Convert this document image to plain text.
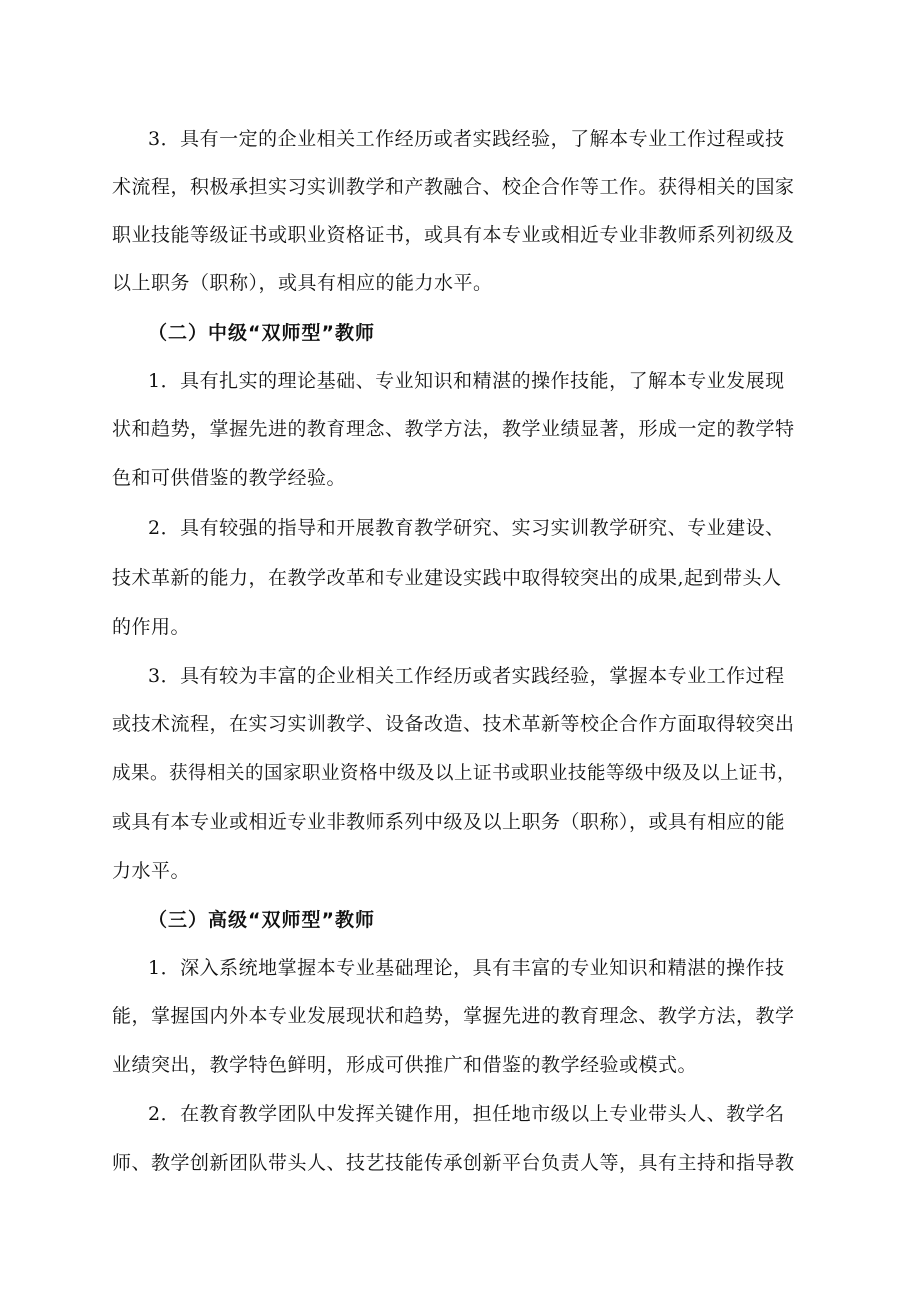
3．具有一定的企业相关工作经历或者实践经验，了解本专业工作过程或技
术流程，积极承担实习实训教学和产教融合、校企合作等工作。获得相关的国家
职业技能等级证书或职业资格证书，或具有本专业或相近专业非教师系列初级及
以上职务（职称），或具有相应的能力水平。
（二）中级“双师型”教师
1．具有扎实的理论基础、专业知识和精湛的操作技能，了解本专业发展现
状和趋势，掌握先进的教育理念、教学方法，教学业绩显著，形成一定的教学特
色和可供借鉴的教学经验。
2．具有较强的指导和开展教育教学研究、实习实训教学研究、专业建设、
技术革新的能力，在教学改革和专业建设实践中取得较突出的成果,起到带头人
的作用。
3．具有较为丰富的企业相关工作经历或者实践经验，掌握本专业工作过程
或技术流程，在实习实训教学、设备改造、技术革新等校企合作方面取得较突出
成果。获得相关的国家职业资格中级及以上证书或职业技能等级中级及以上证书，
或具有本专业或相近专业非教师系列中级及以上职务（职称），或具有相应的能
力水平。
（三）高级“双师型”教师
1．深入系统地掌握本专业基础理论，具有丰富的专业知识和精湛的操作技
能，掌握国内外本专业发展现状和趋势，掌握先进的教育理念、教学方法，教学
业绩突出，教学特色鲜明，形成可供推广和借鉴的教学经验或模式。
2．在教育教学团队中发挥关键作用，担任地市级以上专业带头人、教学名
师、教学创新团队带头人、技艺技能传承创新平台负责人等，具有主持和指导教
